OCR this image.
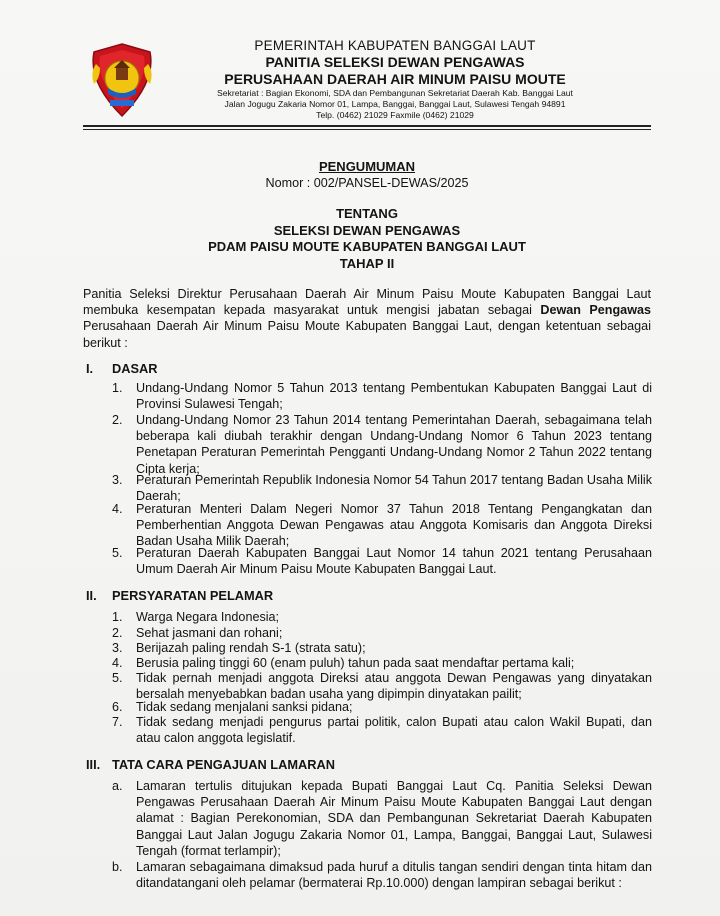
PEMERINTAH KABUPATEN BANGGAI LAUT
PANITIA SELEKSI DEWAN PENGAWAS
PERUSAHAAN DAERAH AIR MINUM PAISU MOUTE
Sekretariat : Bagian Ekonomi, SDA dan Pembangunan Sekretariat Daerah Kab. Banggai Laut
Jalan Jogugu Zakaria Nomor 01, Lampa, Banggai, Banggai Laut, Sulawesi Tengah 94891
Telp. (0462) 21029 Faxmile (0462) 21029
PENGUMUMAN
Nomor : 002/PANSEL-DEWAS/2025
TENTANG
SELEKSI DEWAN PENGAWAS
PDAM PAISU MOUTE KABUPATEN BANGGAI LAUT
TAHAP II
Panitia Seleksi Direktur Perusahaan Daerah Air Minum Paisu Moute Kabupaten Banggai Laut membuka kesempatan kepada masyarakat untuk mengisi jabatan sebagai Dewan Pengawas Perusahaan Daerah Air Minum Paisu Moute Kabupaten Banggai Laut, dengan ketentuan sebagai berikut :
I. DASAR
1. Undang-Undang Nomor 5 Tahun 2013 tentang Pembentukan Kabupaten Banggai Laut di Provinsi Sulawesi Tengah;
2. Undang-Undang Nomor 23 Tahun 2014 tentang Pemerintahan Daerah, sebagaimana telah beberapa kali diubah terakhir dengan Undang-Undang Nomor 6 Tahun 2023 tentang Penetapan Peraturan Pemerintah Pengganti Undang-Undang Nomor 2 Tahun 2022 tentang Cipta kerja;
3. Peraturan Pemerintah Republik Indonesia Nomor 54 Tahun 2017 tentang Badan Usaha Milik Daerah;
4. Peraturan Menteri Dalam Negeri Nomor 37 Tahun 2018 Tentang Pengangkatan dan Pemberhentian Anggota Dewan Pengawas atau Anggota Komisaris dan Anggota Direksi Badan Usaha Milik Daerah;
5. Peraturan Daerah Kabupaten Banggai Laut Nomor 14 tahun 2021 tentang Perusahaan Umum Daerah Air Minum Paisu Moute Kabupaten Banggai Laut.
II. PERSYARATAN PELAMAR
1. Warga Negara Indonesia;
2. Sehat jasmani dan rohani;
3. Berijazah paling rendah S-1 (strata satu);
4. Berusia paling tinggi 60 (enam puluh) tahun pada saat mendaftar pertama kali;
5. Tidak pernah menjadi anggota Direksi atau anggota Dewan Pengawas yang dinyatakan bersalah menyebabkan badan usaha yang dipimpin dinyatakan pailit;
6. Tidak sedang menjalani sanksi pidana;
7. Tidak sedang menjadi pengurus partai politik, calon Bupati atau calon Wakil Bupati, dan atau calon anggota legislatif.
III. TATA CARA PENGAJUAN LAMARAN
a. Lamaran tertulis ditujukan kepada Bupati Banggai Laut Cq. Panitia Seleksi Dewan Pengawas Perusahaan Daerah Air Minum Paisu Moute Kabupaten Banggai Laut dengan alamat : Bagian Perekonomian, SDA dan Pembangunan Sekretariat Daerah Kabupaten Banggai Laut Jalan Jogugu Zakaria Nomor 01, Lampa, Banggai, Banggai Laut, Sulawesi Tengah (format terlampir);
b. Lamaran sebagaimana dimaksud pada huruf a ditulis tangan sendiri dengan tinta hitam dan ditandatangani oleh pelamar (bermaterai Rp.10.000) dengan lampiran sebagai berikut :
